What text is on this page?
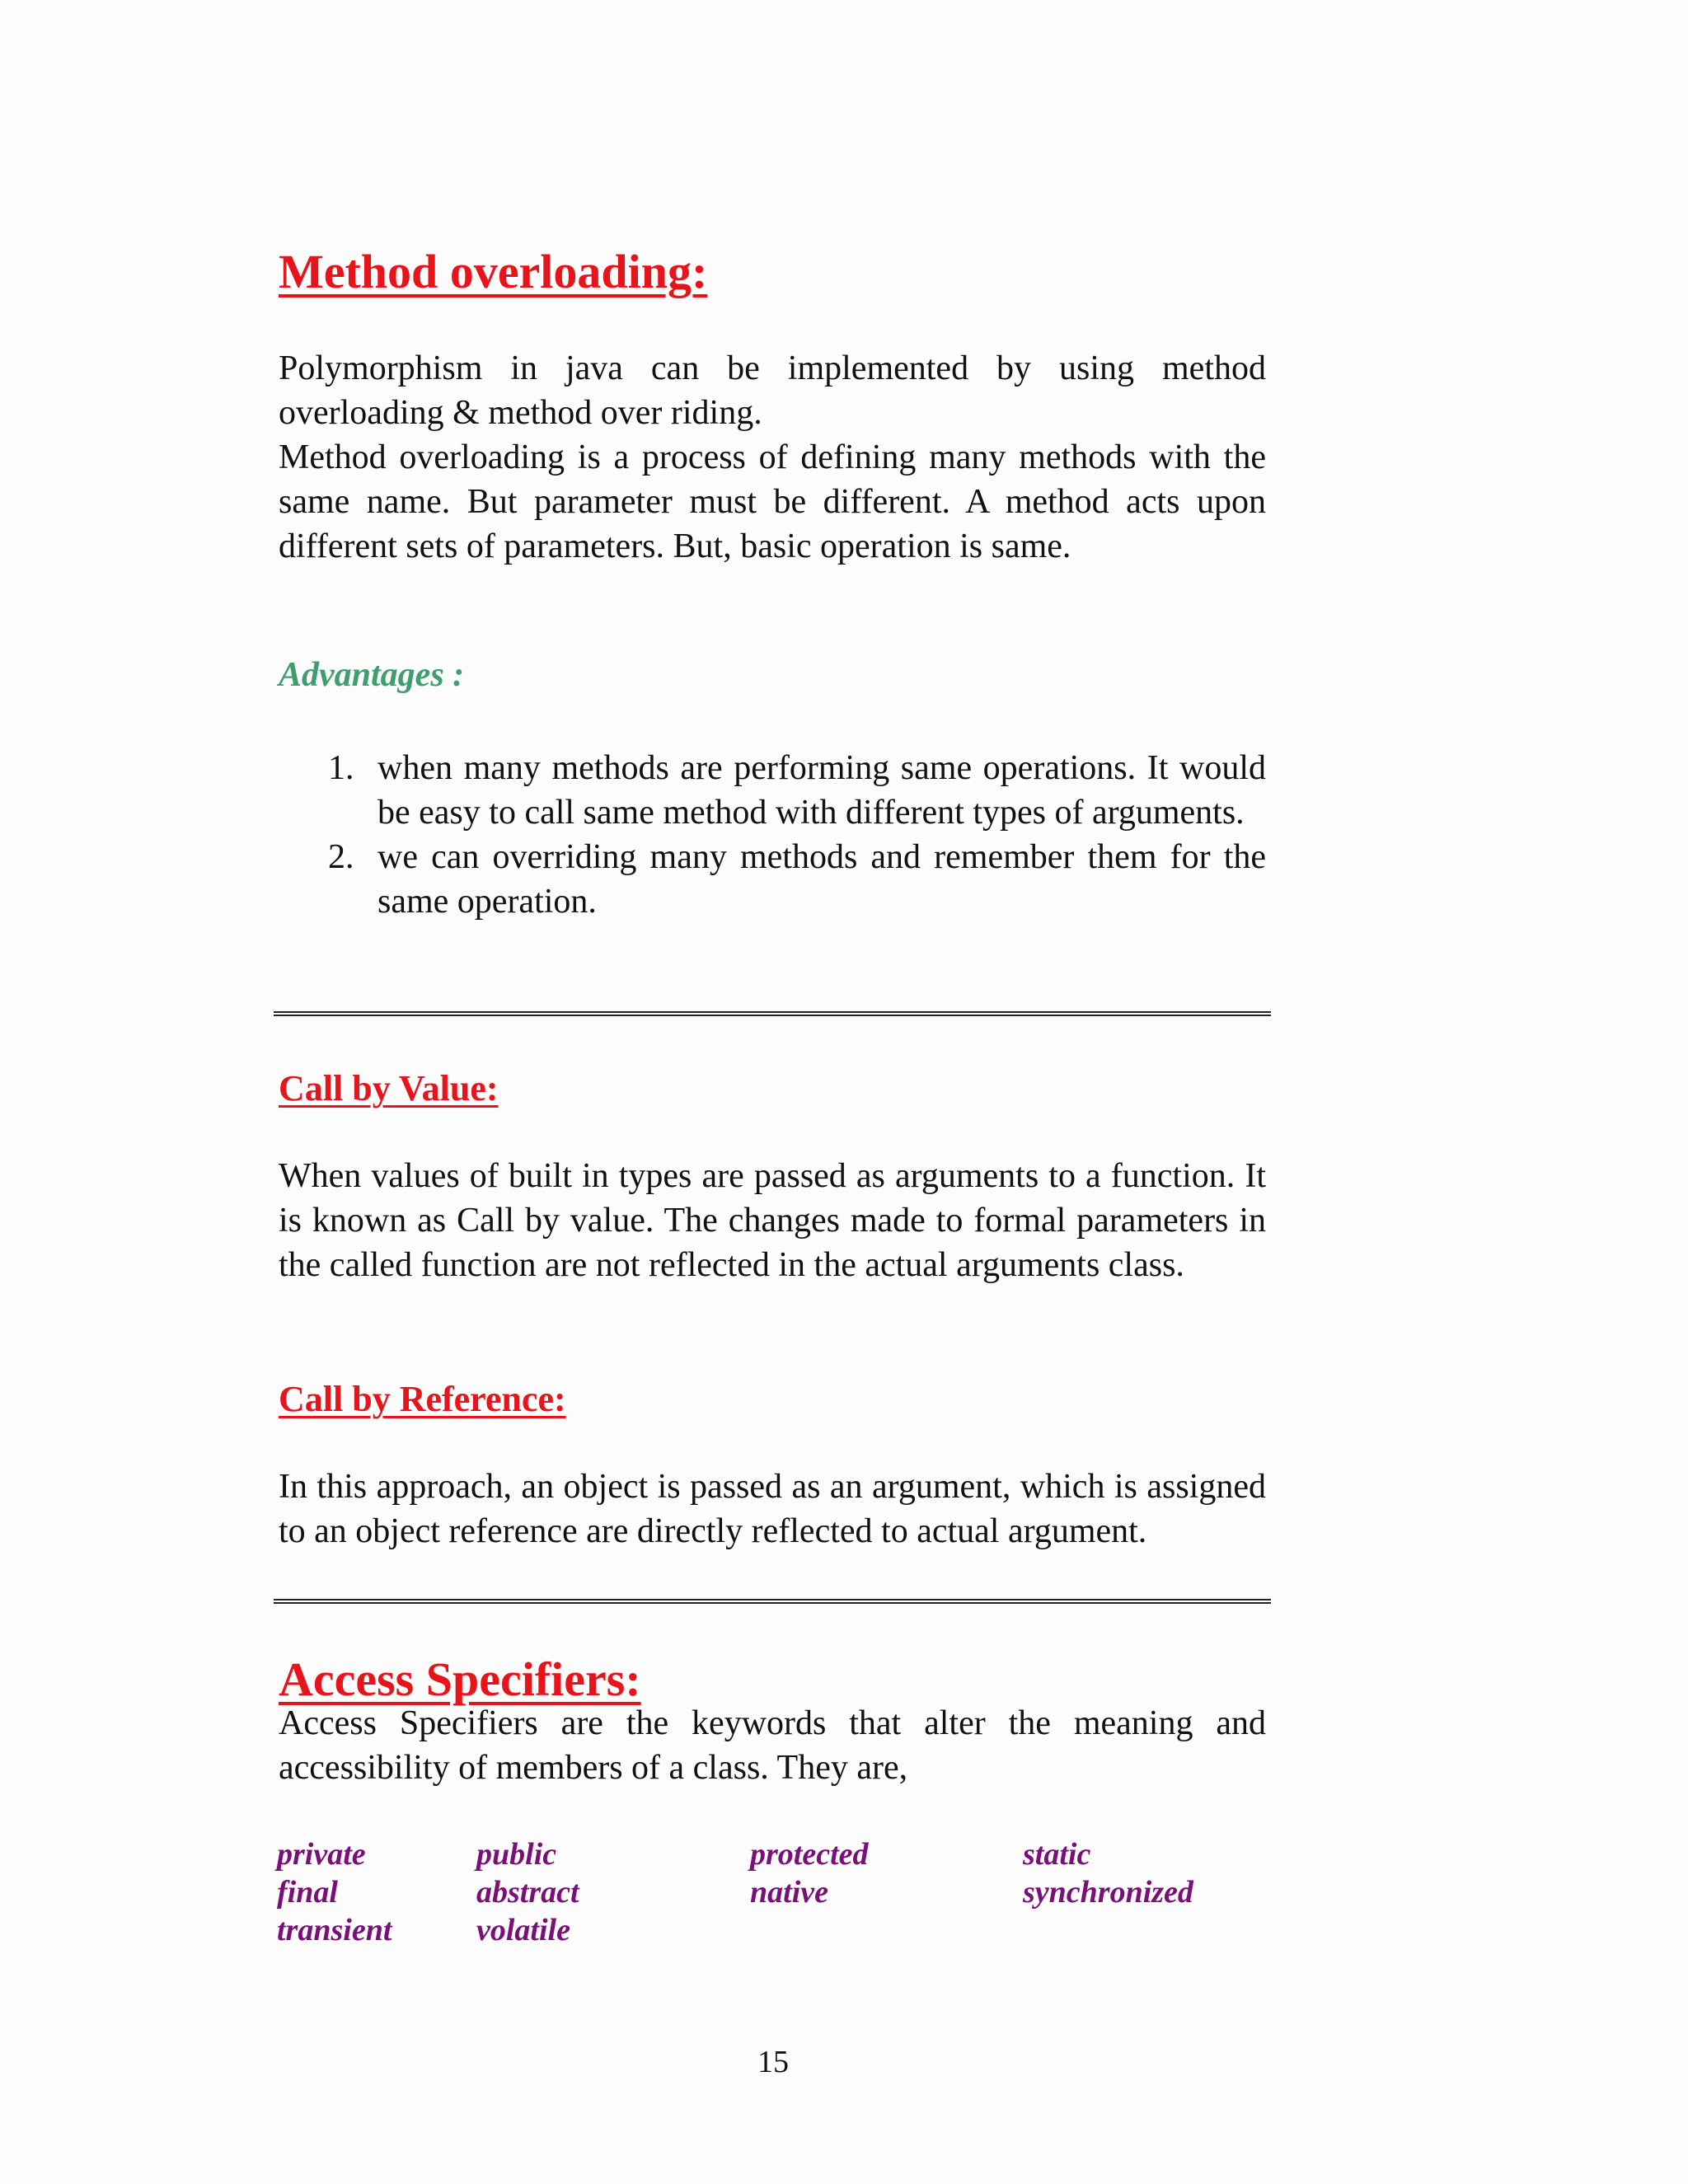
Method overloading:

Polymorphism in java can be implemented by using method overloading & method over riding.

Method overloading is a process of defining many methods with the same name. But parameter must be different. A method acts upon different sets of parameters. But, basic operation is same.

Advantages :
1. when many methods are performing same operations. It would be easy to call same method with different types of arguments.
2. we can overriding many methods and remember them for the same operation.
Call by Value:

When values of built in types are passed as arguments to a function. It is known as Call by value. The changes made to formal parameters in the called function are not reflected in the actual arguments class.

Call by Reference:

In this approach, an object is passed as an argument, which is assigned to an object reference are directly reflected to actual argument.

Access Specifiers:

Access Specifiers are the keywords that alter the meaning and accessibility of members of a class. They are,

private	public	protected	static
final	abstract	native	synchronized
transient	volatile
15
